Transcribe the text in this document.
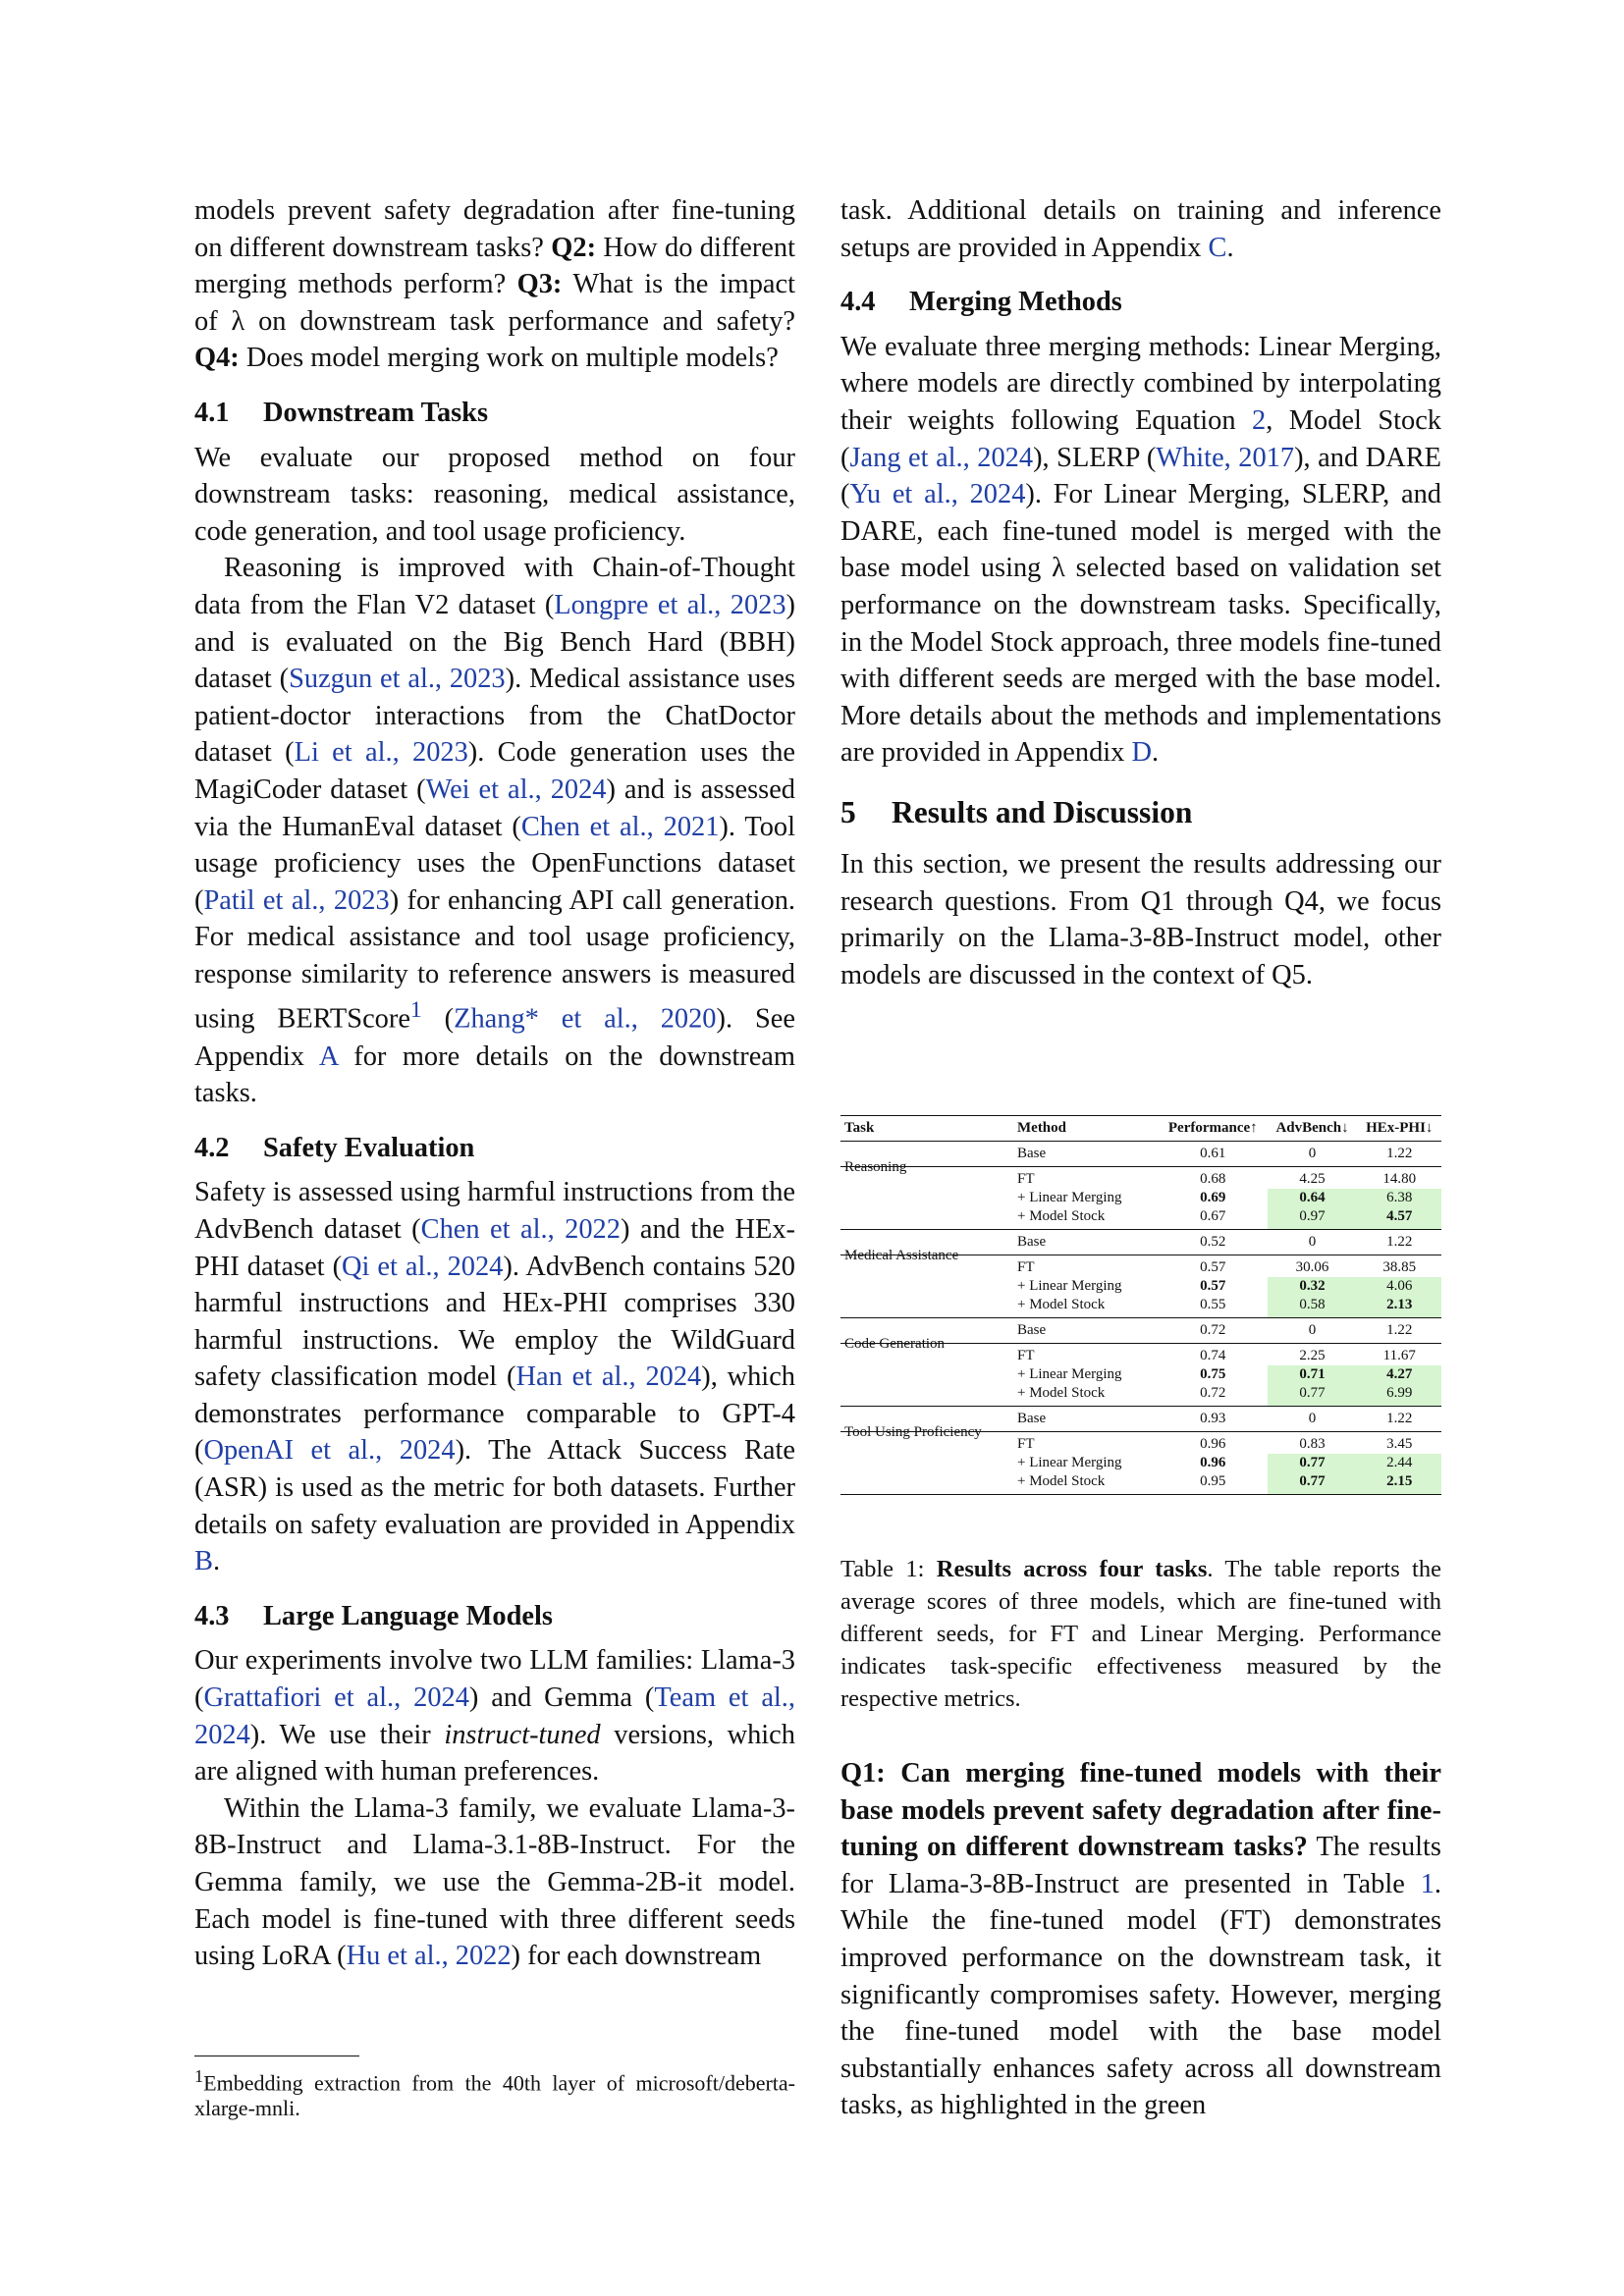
models prevent safety degradation after fine-tuning on different downstream tasks? Q2: How do different merging methods perform? Q3: What is the impact of λ on downstream task performance and safety? Q4: Does model merging work on multiple models?

4.1 Downstream Tasks

We evaluate our proposed method on four downstream tasks: reasoning, medical assistance, code generation, and tool usage proficiency.

Reasoning is improved with Chain-of-Thought data from the Flan V2 dataset (Longpre et al., 2023) and is evaluated on the Big Bench Hard (BBH) dataset (Suzgun et al., 2023). Medical assistance uses patient-doctor interactions from the ChatDoctor dataset (Li et al., 2023). Code generation uses the MagiCoder dataset (Wei et al., 2024) and is assessed via the HumanEval dataset (Chen et al., 2021). Tool usage proficiency uses the OpenFunctions dataset (Patil et al., 2023) for enhancing API call generation. For medical assistance and tool usage proficiency, response similarity to reference answers is measured using BERTScore$^1$ (Zhang* et al., 2020). See Appendix A for more details on the downstream tasks.

4.2 Safety Evaluation

Safety is assessed using harmful instructions from the AdvBench dataset (Chen et al., 2022) and the HEx-PHI dataset (Qi et al., 2024). AdvBench contains 520 harmful instructions and HEx-PHI comprises 330 harmful instructions. We employ the WildGuard safety classification model (Han et al., 2024), which demonstrates performance comparable to GPT-4 (OpenAI et al., 2024). The Attack Success Rate (ASR) is used as the metric for both datasets. Further details on safety evaluation are provided in Appendix B.

4.3 Large Language Models

Our experiments involve two LLM families: Llama-3 (Grattafiori et al., 2024) and Gemma (Team et al., 2024). We use their instruct-tuned versions, which are aligned with human preferences.

Within the Llama-3 family, we evaluate Llama-3-8B-Instruct and Llama-3.1-8B-Instruct. For the Gemma family, we use the Gemma-2B-it model. Each model is fine-tuned with three different seeds using LoRA (Hu et al., 2022) for each downstream

$^1$Embedding extraction from the 40th layer of microsoft/deberta-xlarge-mnli.

task. Additional details on training and inference setups are provided in Appendix C.

4.4 Merging Methods

We evaluate three merging methods: Linear Merging, where models are directly combined by interpolating their weights following Equation 2, Model Stock (Jang et al., 2024), SLERP (White, 2017), and DARE (Yu et al., 2024). For Linear Merging, SLERP, and DARE, each fine-tuned model is merged with the base model using λ selected based on validation set performance on the downstream tasks. Specifically, in the Model Stock approach, three models fine-tuned with different seeds are merged with the base model. More details about the methods and implementations are provided in Appendix D.

5 Results and Discussion

In this section, we present the results addressing our research questions. From Q1 through Q4, we focus primarily on the Llama-3-8B-Instruct model, other models are discussed in the context of Q5.

Task	Method	Performance↑	AdvBench↓	HEx-PHI↓
	Base	0.61	0	1.22
Reasoning	FT	0.68	4.25	14.80
	+ Linear Merging	0.69	0.64	6.38
	+ Model Stock	0.67	0.97	4.57
	Base	0.52	0	1.22
Medical Assistance	FT	0.57	30.06	38.85
	+ Linear Merging	0.57	0.32	4.06
	+ Model Stock	0.55	0.58	2.13
	Base	0.72	0	1.22
Code Generation	FT	0.74	2.25	11.67
	+ Linear Merging	0.75	0.71	4.27
	+ Model Stock	0.72	0.77	6.99
	Base	0.93	0	1.22
Tool Using Proficiency	FT	0.96	0.83	3.45
	+ Linear Merging	0.96	0.77	2.44
	+ Model Stock	0.95	0.77	2.15
Table 1: Results across four tasks. The table reports the average scores of three models, which are fine-tuned with different seeds, for FT and Linear Merging. Performance indicates task-specific effectiveness measured by the respective metrics.

Q1: Can merging fine-tuned models with their base models prevent safety degradation after fine-tuning on different downstream tasks? The results for Llama-3-8B-Instruct are presented in Table 1. While the fine-tuned model (FT) demonstrates improved performance on the downstream task, it significantly compromises safety. However, merging the fine-tuned model with the base model substantially enhances safety across all downstream tasks, as highlighted in the green
